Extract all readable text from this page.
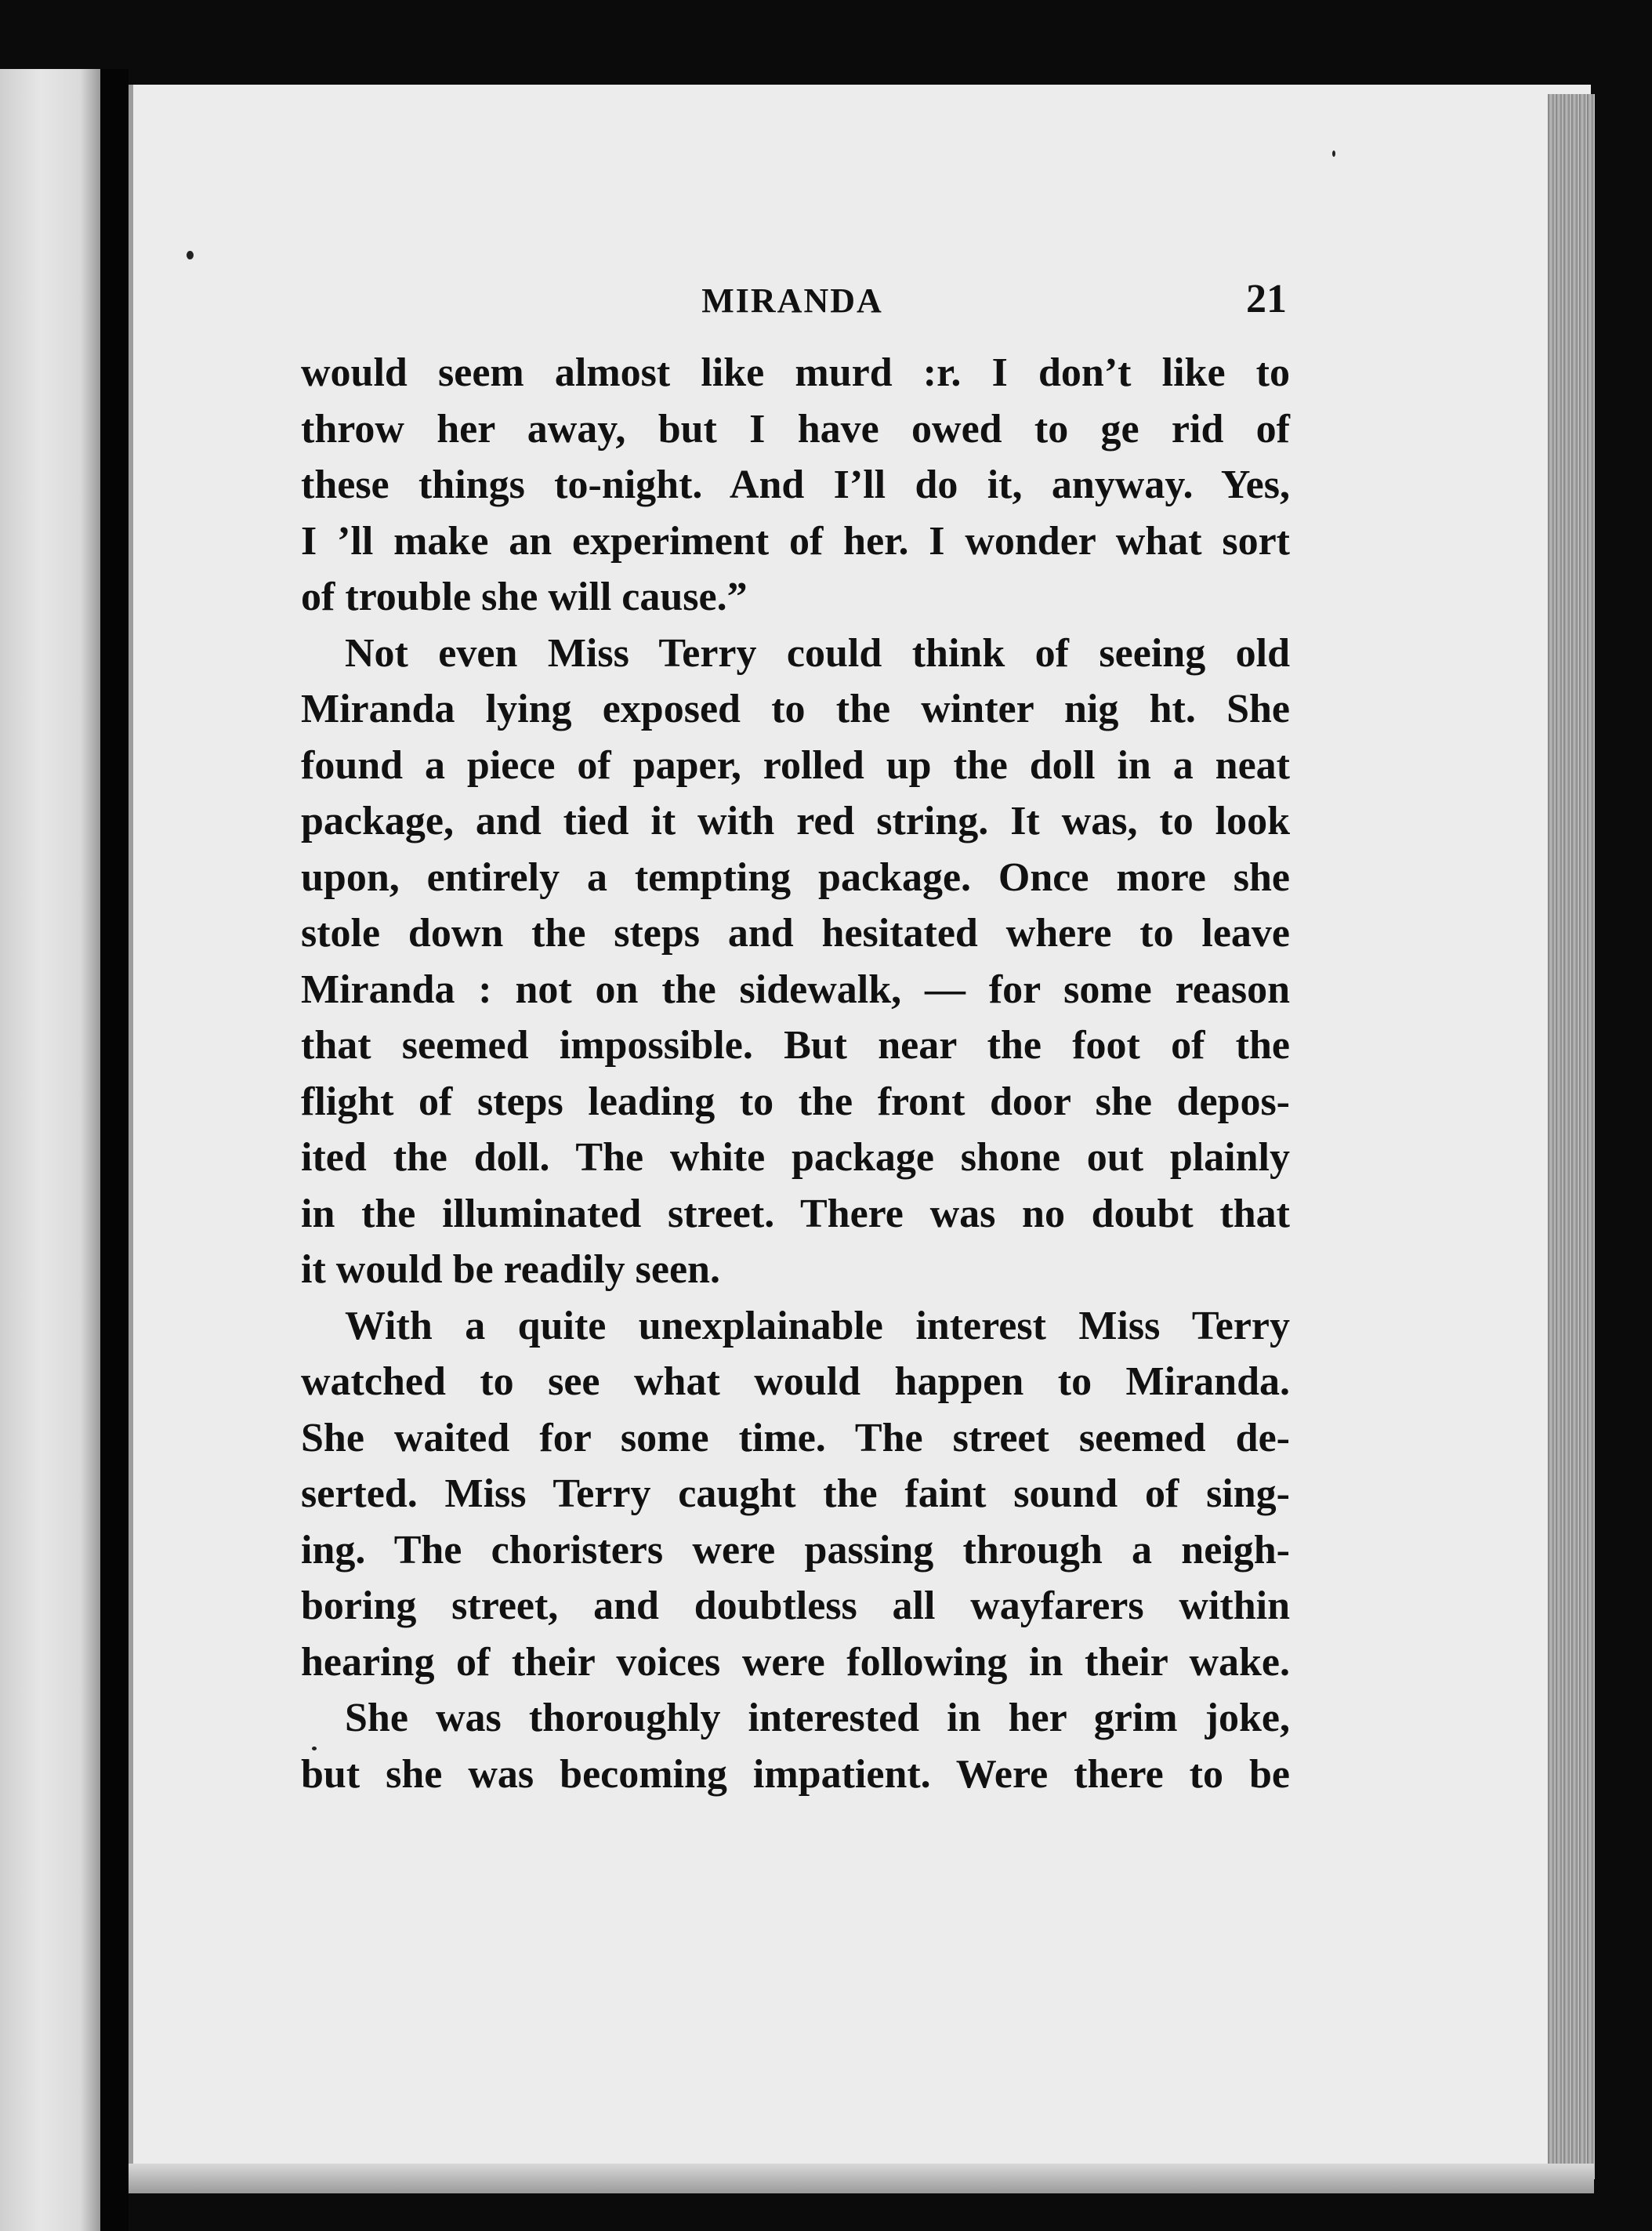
MIRANDA	21
would seem almost like murd :r. I don’t like to
throw her away, but I have owed to ge rid of
these things to-night. And I’ll do it, anyway. Yes,
I ’ll make an experiment of her. I wonder what sort
of trouble she will cause.”
Not even Miss Terry could think of seeing old
Miranda lying exposed to the winter nig ht. She
found a piece of paper, rolled up the doll in a neat
package, and tied it with red string. It was, to look
upon, entirely a tempting package. Once more she
stole down the steps and hesitated where to leave
Miranda : not on the sidewalk, — for some reason
that seemed impossible. But near the foot of the
flight of steps leading to the front door she depos-
ited the doll. The white package shone out plainly
in the illuminated street. There was no doubt that
it would be readily seen.
With a quite unexplainable interest Miss Terry
watched to see what would happen to Miranda.
She waited for some time. The street seemed de-
serted. Miss Terry caught the faint sound of sing-
ing. The choristers were passing through a neigh-
boring street, and doubtless all wayfarers within
hearing of their voices were following in their wake.
She was thoroughly interested in her grim joke,
but she was becoming impatient. Were there to be
